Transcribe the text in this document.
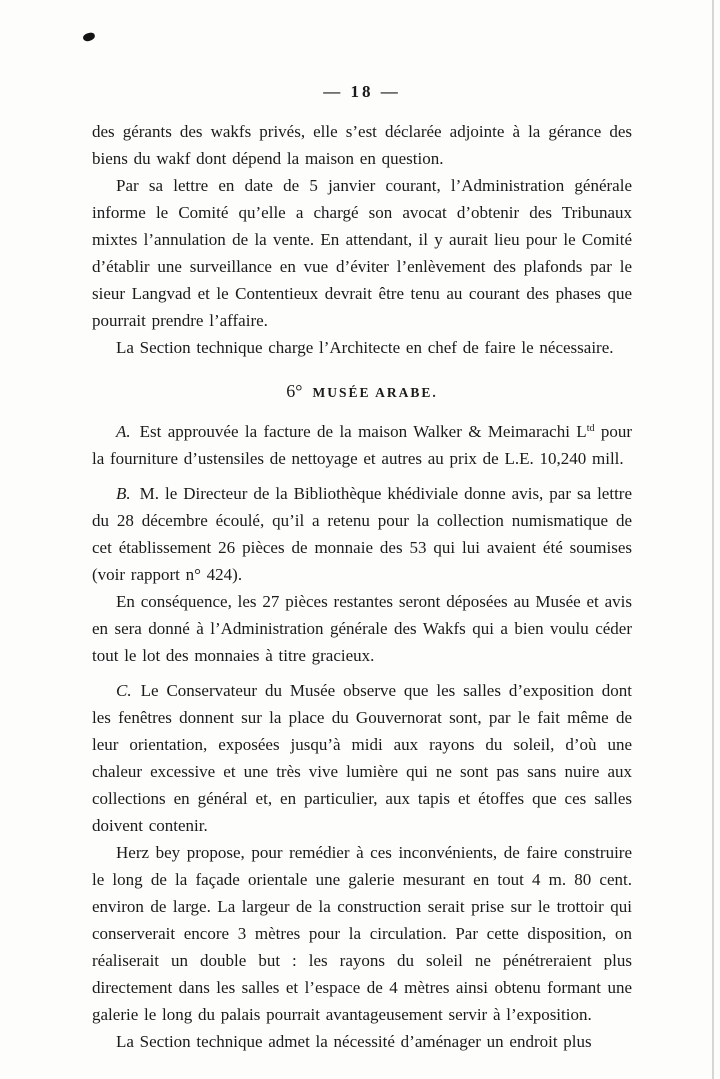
— 18 —

des gérants des wakfs privés, elle s’est déclarée adjointe à la gérance des biens du wakf dont dépend la maison en question.

Par sa lettre en date de 5 janvier courant, l’Administration générale informe le Comité qu’elle a chargé son avocat d’obtenir des Tribunaux mixtes l’annulation de la vente. En attendant, il y aurait lieu pour le Comité d’établir une surveillance en vue d’éviter l’enlèvement des plafonds par le sieur Langvad et le Contentieux devrait être tenu au courant des phases que pourrait prendre l’affaire.

La Section technique charge l’Architecte en chef de faire le nécessaire.

6° MUSÉE ARABE.

A. Est approuvée la facture de la maison Walker & Meimarachi $L^{td}$ pour la fourniture d’ustensiles de nettoyage et autres au prix de L.E. 10,240 mill.

B. M. le Directeur de la Bibliothèque khédiviale donne avis, par sa lettre du 28 décembre écoulé, qu’il a retenu pour la collection numismatique de cet établissement 26 pièces de monnaie des 53 qui lui avaient été soumises (voir rapport n° 424).

En conséquence, les 27 pièces restantes seront déposées au Musée et avis en sera donné à l’Administration générale des Wakfs qui a bien voulu céder tout le lot des monnaies à titre gracieux.

C. Le Conservateur du Musée observe que les salles d’exposition dont les fenêtres donnent sur la place du Gouvernorat sont, par le fait même de leur orientation, exposées jusqu’à midi aux rayons du soleil, d’où une chaleur excessive et une très vive lumière qui ne sont pas sans nuire aux collections en général et, en particulier, aux tapis et étoffes que ces salles doivent contenir.

Herz bey propose, pour remédier à ces inconvénients, de faire construire le long de la façade orientale une galerie mesurant en tout 4 m. 80 cent. environ de large. La largeur de la construction serait prise sur le trottoir qui conserverait encore 3 mètres pour la circulation. Par cette disposition, on réaliserait un double but : les rayons du soleil ne pénétreraient plus directement dans les salles et l’espace de 4 mètres ainsi obtenu formant une galerie le long du palais pourrait avantageusement servir à l’exposition.

La Section technique admet la nécessité d’aménager un endroit plus
